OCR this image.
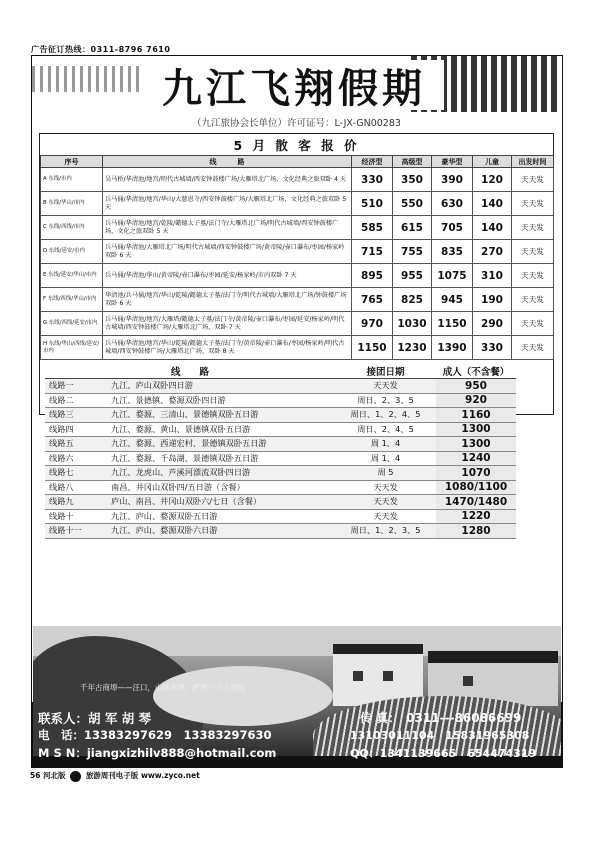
广告征订热线：0311-8796 7610
九江飞翔假期
（九江旅协会长单位）许可证号：L-JX-GN00283
5 月 散 客 报 价
序号	线　　　路	经济型	高级型	豪华型	儿童	出发时间
A 东线/市内	吴马桥/华清池/地宫/明代古城墙/西安钟鼓楼广场/大雁塔北广场，文化经典之旅双卧 4 天	330	350	390	120	天天发
B 东线/华山/市内	兵马俑/华清池/地宫/华山/大慈恩寺/西安钟鼓楼广场/大雁塔北广场，文化经典之旅双卧 5 天	510	550	630	140	天天发
C 东线/西线/市内	兵马俑/华清池/地宫/乾陵/懿德太子墓/法门寺/大雁塔北广场/明代古城墙/西安钟鼓楼广场，文化之旅双卧 5 天	585	615	705	140	天天发
D 东线/延安/市内	兵马俑/华清池/大雁塔北广场/明代古城墙/西安钟鼓楼广场/黄帝陵/壶口瀑布/枣园/杨家岭双卧 6 天	715	755	835	270	天天发
E 东线/延安/华山/市内	兵马俑/华清池/华山/黄帝陵/壶口瀑布/枣园/延安/杨家岭/市内双卧 7 天	895	955	1075	310	天天发
F 东线/西线/华山/市内	华清池/兵马俑/地宫/华山/乾陵/懿德太子墓/法门寺/明代古城墙/大雁塔北广场/钟鼓楼广场双卧 6 天	765	825	945	190	天天发
G 东线/西线/延安/市内	兵马俑/华清池/地宫/大雁塔/懿德太子墓/法门寺/黄帝陵/壶口瀑布/枣园/延安/杨家岭/明代古城墙/西安钟鼓楼广场/大雁塔北广场，双卧 7 天	970	1030	1150	290	天天发
H 东线/华山/西线/延安/市内	兵马俑/华清池/地宫/华山/乾陵/懿德太子墓/法门寺/黄帝陵/壶口瀑布/枣园/杨家岭/明代古城墙/西安钟鼓楼广场/大雁塔北广场，双卧 8 天	1150	1230	1390	330	天天发
线　　路		接团日期	成人（不含餐）
线路一	九江、庐山双卧四日游	天天发	950
线路二	九江、景德镇、婺源双卧四日游	周日、2、3、5	920
线路三	九江、婺源、三清山、景德镇双卧五日游	周日、1、2、4、5	1160
线路四	九江、婺源、黄山、景德镇双卧五日游	周日、2、4、5	1300
线路五	九江、婺源、西递宏村、景德镇双卧五日游	周 1、4	1300
线路六	九江、婺源、千岛湖、景德镇双卧五日游	周 1、4	1240
线路七	九江、龙虎山、芦溪河漂流双卧四日游	周 5	1070
线路八	南昌、井冈山双卧四/五日游（含餐）	天天发	1080/1100
线路九	庐山、南昌、井冈山双卧六/七日（含餐）	天天发	1470/1480
线路十	九江、庐山、婺源双卧五日游	天天发	1220
线路十一	九江、庐山、婺源双卧六日游	周日、1、2、3、5	1280
千年古商埠——汪口，山环水绕，俨然一个大花园
联系人：胡 军 胡 琴	传 真：　0311---86086699
电　话：13383297629　13383297630	13103011104　15831965308
M S N：jiangxizhilv888@hotmail.com	QQ：1341139665　654474319
56 河北版	旅游周刊电子版 www.zyco.net
